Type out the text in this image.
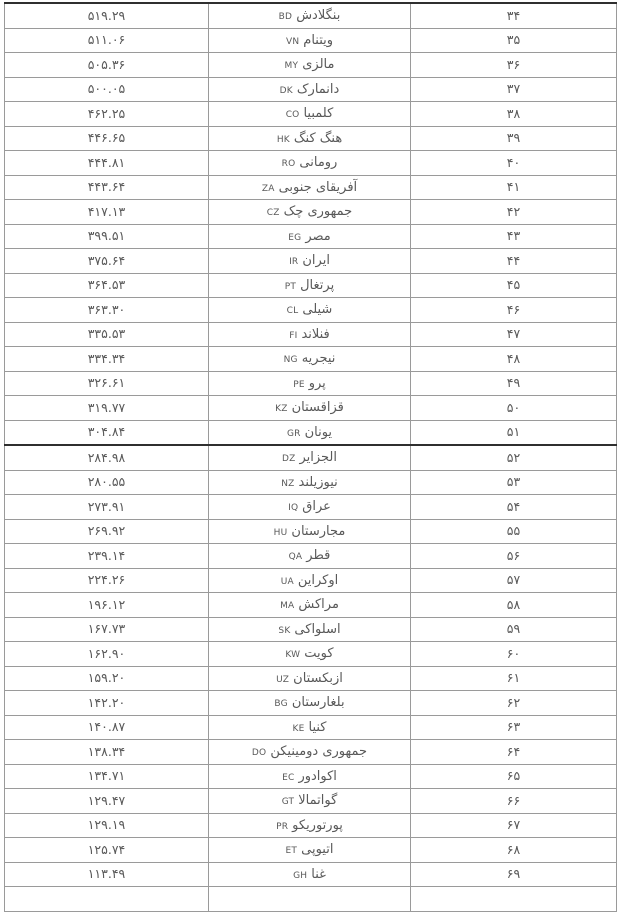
۳۴	بنگلادشBD	۵۱۹.۲۹
۳۵	ویتنامVN	۵۱۱.۰۶
۳۶	مالزیMY	۵۰۵.۳۶
۳۷	دانمارکDK	۵۰۰.۰۵
۳۸	کلمبیاCO	۴۶۲.۲۵
۳۹	هنگ کنگHK	۴۴۶.۶۵
۴۰	رومانیRO	۴۴۴.۸۱
۴۱	آفریقای جنوبیZA	۴۴۳.۶۴
۴۲	جمهوری چکCZ	۴۱۷.۱۳
۴۳	مصرEG	۳۹۹.۵۱
۴۴	ایرانIR	۳۷۵.۶۴
۴۵	پرتغالPT	۳۶۴.۵۳
۴۶	شیلیCL	۳۶۳.۳۰
۴۷	فنلاندFI	۳۳۵.۵۳
۴۸	نیجریهNG	۳۳۴.۳۴
۴۹	پروPE	۳۲۶.۶۱
۵۰	قزاقستانKZ	۳۱۹.۷۷
۵۱	یونانGR	۳۰۴.۸۴
۵۲	الجزایرDZ	۲۸۴.۹۸
۵۳	نیوزیلندNZ	۲۸۰.۵۵
۵۴	عراقIQ	۲۷۳.۹۱
۵۵	مجارستانHU	۲۶۹.۹۲
۵۶	قطرQA	۲۳۹.۱۴
۵۷	اوکراینUA	۲۲۴.۲۶
۵۸	مراکشMA	۱۹۶.۱۲
۵۹	اسلواکیSK	۱۶۷.۷۳
۶۰	کویتKW	۱۶۲.۹۰
۶۱	ازبکستانUZ	۱۵۹.۲۰
۶۲	بلغارستانBG	۱۴۲.۲۰
۶۳	کنیاKE	۱۴۰.۸۷
۶۴	جمهوری دومینیکنDO	۱۳۸.۳۴
۶۵	اکوادورEC	۱۳۴.۷۱
۶۶	گواتمالاGT	۱۲۹.۴۷
۶۷	پورتوریکوPR	۱۲۹.۱۹
۶۸	اتیوپیET	۱۲۵.۷۴
۶۹	غناGH	۱۱۳.۴۹
